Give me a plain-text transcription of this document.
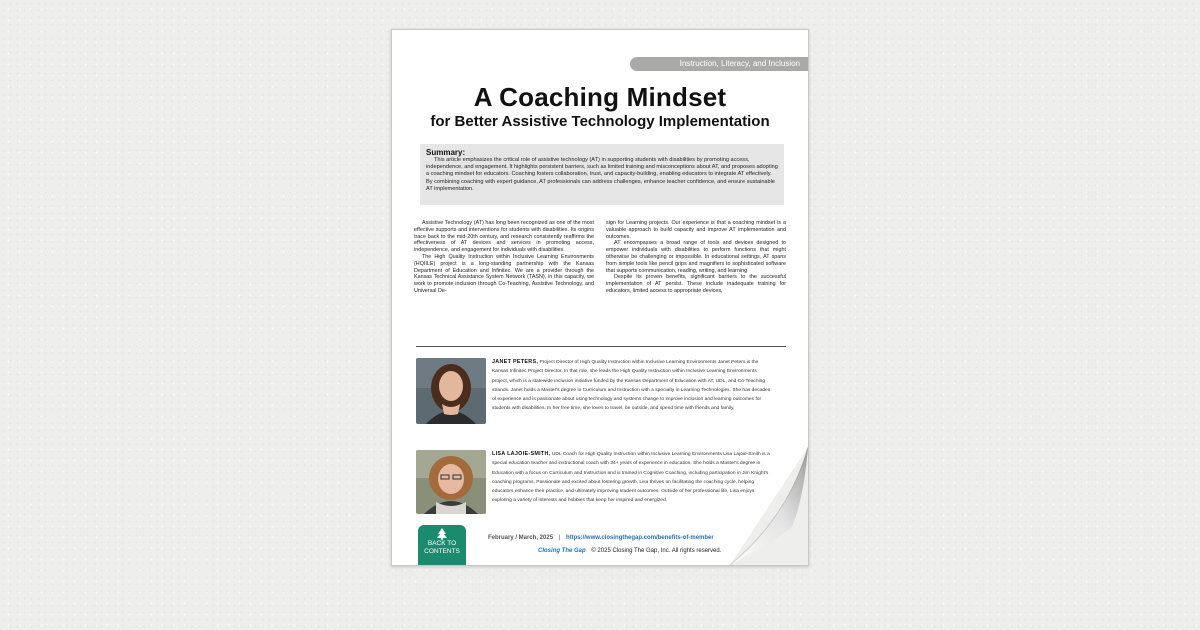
Instruction, Literacy, and Inclusion
A Coaching Mindset
for Better Assistive Technology Implementation
Summary:
This article emphasizes the critical role of assistive technology (AT) in supporting students with disabilities by promoting access, independence, and engagement. It highlights persistent barriers, such as limited training and misconceptions about AT, and proposes adopting a coaching mindset for educators. Coaching fosters collaboration, trust, and capacity-building, enabling educators to integrate AT effectively. By combining coaching with expert guidance, AT professionals can address challenges, enhance teacher confidence, and ensure sustainable AT implementation.

Assistive Technology (AT) has long been recognized as one of the most effective supports and interventions for students with disabilities. Its origins trace back to the mid-20th century, and research consistently reaffirms the effectiveness of AT devices and services in promoting access, independence, and engagement for individuals with disabilities.

The High Quality Instruction within Inclusive Learning Environments (HQIILE) project is a long-standing partnership with the Kansas Department of Education and Infinitec. We are a provider through the Kansas Technical Assistance System Network (TASN), in this capacity, we work to promote inclusion through Co-Teaching, Assistive Technology, and Universal De-

sign for Learning projects. Our experience is that a coaching mindset is a valuable approach to build capacity and improve AT implementation and outcomes.

AT encompasses a broad range of tools and devices designed to empower individuals with disabilities to perform functions that might otherwise be challenging or impossible. In educational settings, AT spans from simple tools like pencil grips and magnifiers to sophisticated software that supports communication, reading, writing, and learning

Despite its proven benefits, significant barriers to the successful implementation of AT persist. These include inadequate training for educators, limited access to appropriate devices,

JANET PETERS, Project Director of High Quality Instruction within Inclusive Learning Environments Janet Peters is the Kansas Infinitec Project Director. In that role, she leads the High Quality Instruction within Inclusive Learning Environments project, which is a statewide inclusion initiative funded by the Kansas Department of Education with AT, UDL, and Co-Teaching strands. Janet holds a Master's degree in Curriculum and Instruction with a specialty in Learning Technologies. She has decades of experience and is passionate about using technology and systems change to improve inclusion and learning outcomes for students with disabilities. In her free time, she loves to travel, be outside, and spend time with friends and family.
LISA LAJOIE-SMITH, UDL Coach for High Quality Instruction within Inclusive Learning Environments Lisa Lajoie-Smith is a special education teacher and instructional coach with 34+ years of experience in education. She holds a Master's degree in Education with a focus on Curriculum and Instruction and is trained in Cognitive Coaching, including participation in Jim Knight's coaching programs. Passionate and excited about fostering growth, Lisa thrives on facilitating the coaching cycle, helping educators enhance their practice, and ultimately improving student outcomes. Outside of her professional life, Lisa enjoys exploring a variety of interests and hobbies that keep her inspired and energized.
BACK TO
CONTENTS
February / March, 2025 | https://www.closingthegap.com/benefits-of-member
Closing The Gap © 2025 Closing The Gap, Inc. All rights reserved.
